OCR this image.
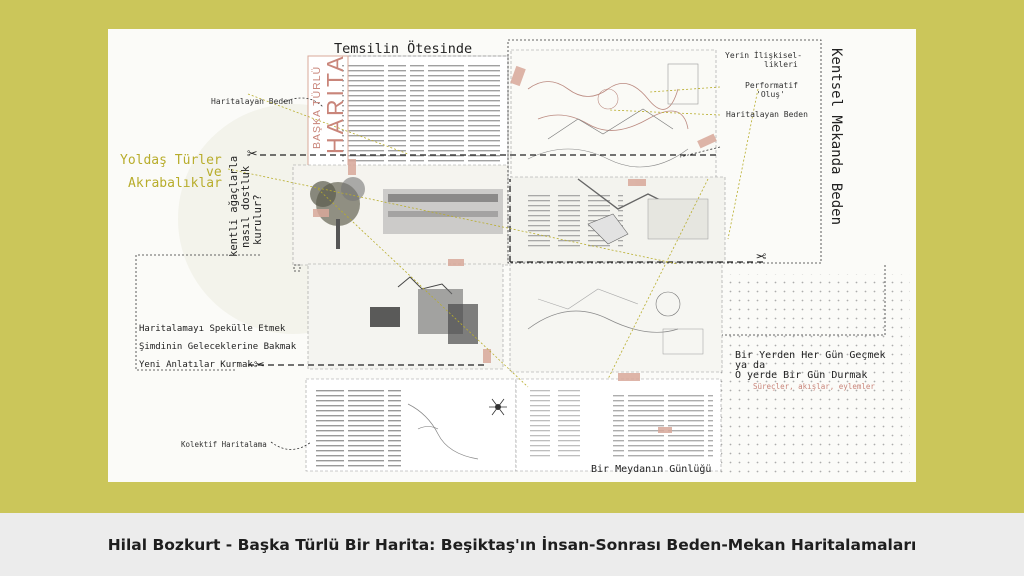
Temsilin Ötesinde
BAŞKA TÜRLÜ HARITA	Kentsel Mekanda Beden
Haritalayan Beden
Yoldaş Türler
ve
Akrabalıklar kentli ağaçlarla nasıl dostluk kurulur?
Haritalamayı Spekülle Etmek
Şimdinin Geleceklerine Bakmak
Yeni Anlatılar Kurmak
Kolektif Haritalama
Yerin İlişkisel-
likleri
Performatif
'Oluş'
Haritalayan Beden
Bir Yerden Her Gün Geçmek
ya da
O yerde Bir Gün Durmak
Süreçler, akışlar, eylemler
Bir Meydanın Günlüğü
✂
✂
✂
Hilal Bozkurt - Başka Türlü Bir Harita: Beşiktaş'ın İnsan-Sonrası Beden-Mekan Haritalamaları
